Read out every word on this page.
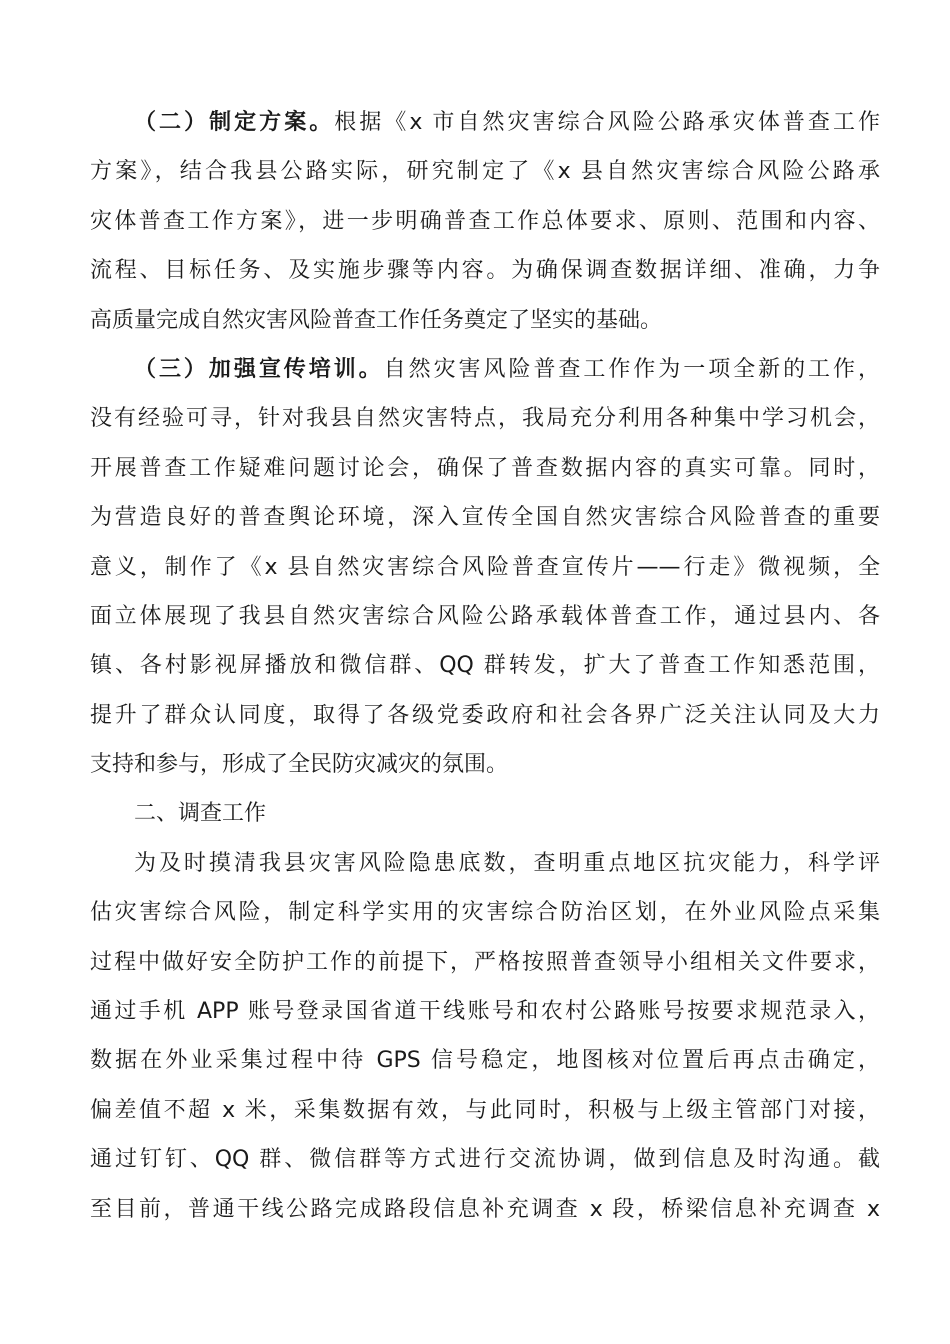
（二）制定方案。根据《x 市自然灾害综合风险公路承灾体普查工作
方案》，结合我县公路实际，研究制定了《x 县自然灾害综合风险公路承
灾体普查工作方案》，进一步明确普查工作总体要求、原则、范围和内容、
流程、目标任务、及实施步骤等内容。为确保调查数据详细、准确，力争
高质量完成自然灾害风险普查工作任务奠定了坚实的基础。
（三）加强宣传培训。自然灾害风险普查工作作为一项全新的工作，
没有经验可寻，针对我县自然灾害特点，我局充分利用各种集中学习机会，
开展普查工作疑难问题讨论会，确保了普查数据内容的真实可靠。同时，
为营造良好的普查舆论环境，深入宣传全国自然灾害综合风险普查的重要
意义，制作了《x 县自然灾害综合风险普查宣传片——行走》微视频，全
面立体展现了我县自然灾害综合风险公路承载体普查工作，通过县内、各
镇、各村影视屏播放和微信群、QQ 群转发，扩大了普查工作知悉范围，
提升了群众认同度，取得了各级党委政府和社会各界广泛关注认同及大力
支持和参与，形成了全民防灾减灾的氛围。
二、调查工作
为及时摸清我县灾害风险隐患底数，查明重点地区抗灾能力，科学评
估灾害综合风险，制定科学实用的灾害综合防治区划，在外业风险点采集
过程中做好安全防护工作的前提下，严格按照普查领导小组相关文件要求，
通过手机 APP 账号登录国省道干线账号和农村公路账号按要求规范录入，
数据在外业采集过程中待 GPS 信号稳定，地图核对位置后再点击确定，
偏差值不超 x 米，采集数据有效，与此同时，积极与上级主管部门对接，
通过钉钉、QQ 群、微信群等方式进行交流协调，做到信息及时沟通。截
至目前，普通干线公路完成路段信息补充调查 x 段，桥梁信息补充调查 x
